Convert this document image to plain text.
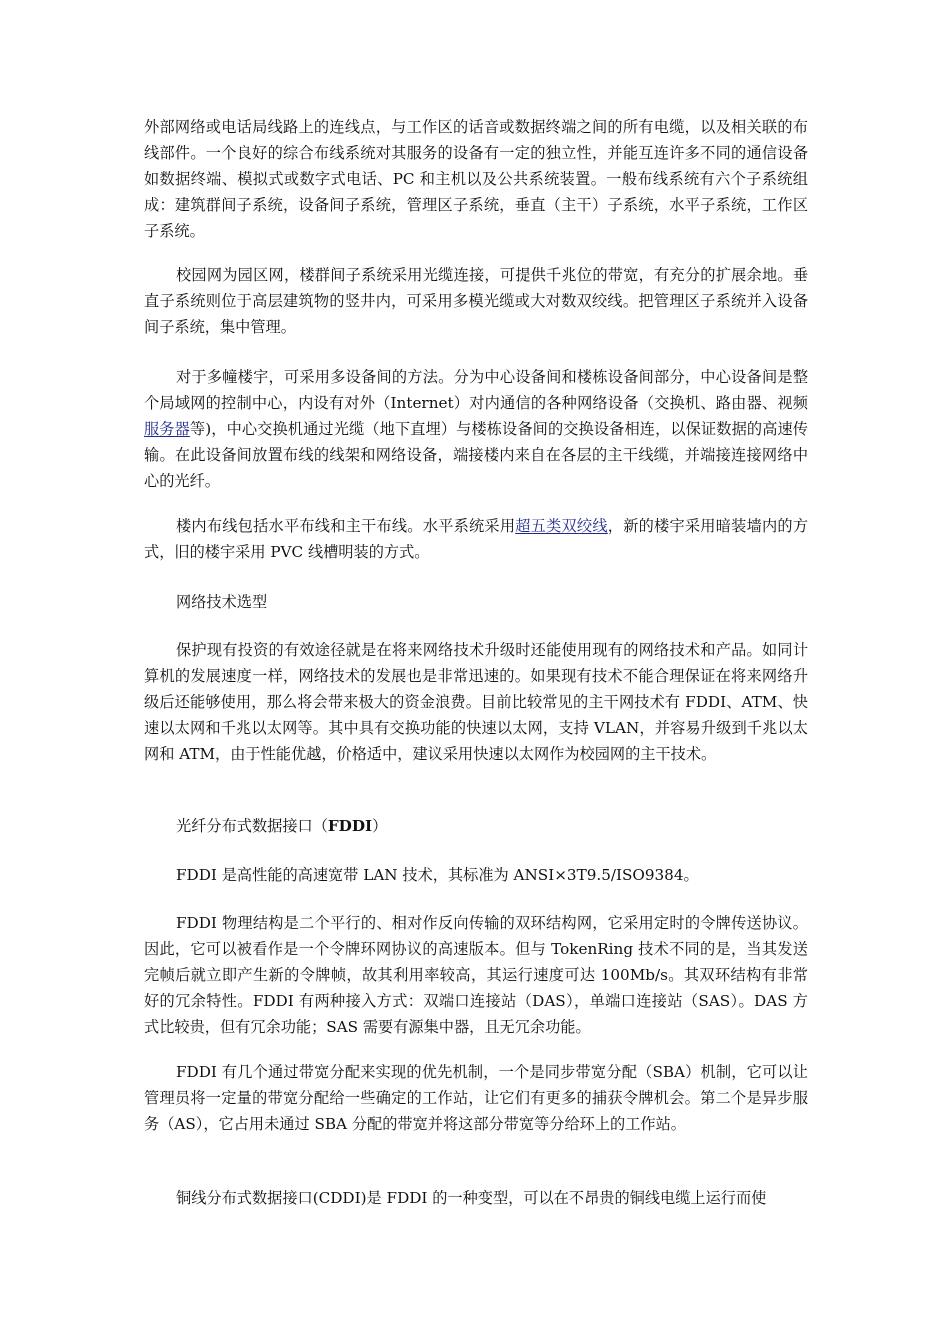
外部网络或电话局线路上的连线点，与工作区的话音或数据终端之间的所有电缆，以及相关联的布线部件。一个良好的综合布线系统对其服务的设备有一定的独立性，并能互连许多不同的通信设备如数据终端、模拟式或数字式电话、PC 和主机以及公共系统装置。一般布线系统有六个子系统组成：建筑群间子系统，设备间子系统，管理区子系统，垂直（主干）子系统，水平子系统，工作区子系统。

校园网为园区网，楼群间子系统采用光缆连接，可提供千兆位的带宽，有充分的扩展余地。垂直子系统则位于高层建筑物的竖井内，可采用多模光缆或大对数双绞线。把管理区子系统并入设备间子系统，集中管理。

对于多幢楼宇，可采用多设备间的方法。分为中心设备间和楼栋设备间部分，中心设备间是整个局域网的控制中心，内设有对外（Internet）对内通信的各种网络设备（交换机、路由器、视频服务器等)，中心交换机通过光缆（地下直埋）与楼栋设备间的交换设备相连，以保证数据的高速传输。在此设备间放置布线的线架和网络设备，端接楼内来自在各层的主干线缆，并端接连接网络中心的光纤。

楼内布线包括水平布线和主干布线。水平系统采用超五类双绞线，新的楼宇采用暗装墙内的方式，旧的楼宇采用 PVC 线槽明装的方式。

网络技术选型

保护现有投资的有效途径就是在将来网络技术升级时还能使用现有的网络技术和产品。如同计算机的发展速度一样，网络技术的发展也是非常迅速的。如果现有技术不能合理保证在将来网络升级后还能够使用，那么将会带来极大的资金浪费。目前比较常见的主干网技术有 FDDI、ATM、快速以太网和千兆以太网等。其中具有交换功能的快速以太网，支持 VLAN，并容易升级到千兆以太网和 ATM，由于性能优越，价格适中，建议采用快速以太网作为校园网的主干技术。

光纤分布式数据接口（FDDI）

FDDI 是高性能的高速宽带 LAN 技术，其标准为 ANSI×3T9.5/ISO9384。

FDDI 物理结构是二个平行的、相对作反向传输的双环结构网，它采用定时的令牌传送协议。因此，它可以被看作是一个令牌环网协议的高速版本。但与 TokenRing 技术不同的是，当其发送完帧后就立即产生新的令牌帧，故其利用率较高，其运行速度可达 100Mb/s。其双环结构有非常好的冗余特性。FDDI 有两种接入方式：双端口连接站（DAS），单端口连接站（SAS）。DAS 方式比较贵，但有冗余功能；SAS 需要有源集中器，且无冗余功能。

FDDI 有几个通过带宽分配来实现的优先机制，一个是同步带宽分配（SBA）机制，它可以让管理员将一定量的带宽分配给一些确定的工作站，让它们有更多的捕获令牌机会。第二个是异步服务（AS），它占用未通过 SBA 分配的带宽并将这部分带宽等分给环上的工作站。

铜线分布式数据接口(CDDI)是 FDDI 的一种变型，可以在不昂贵的铜线电缆上运行而使
